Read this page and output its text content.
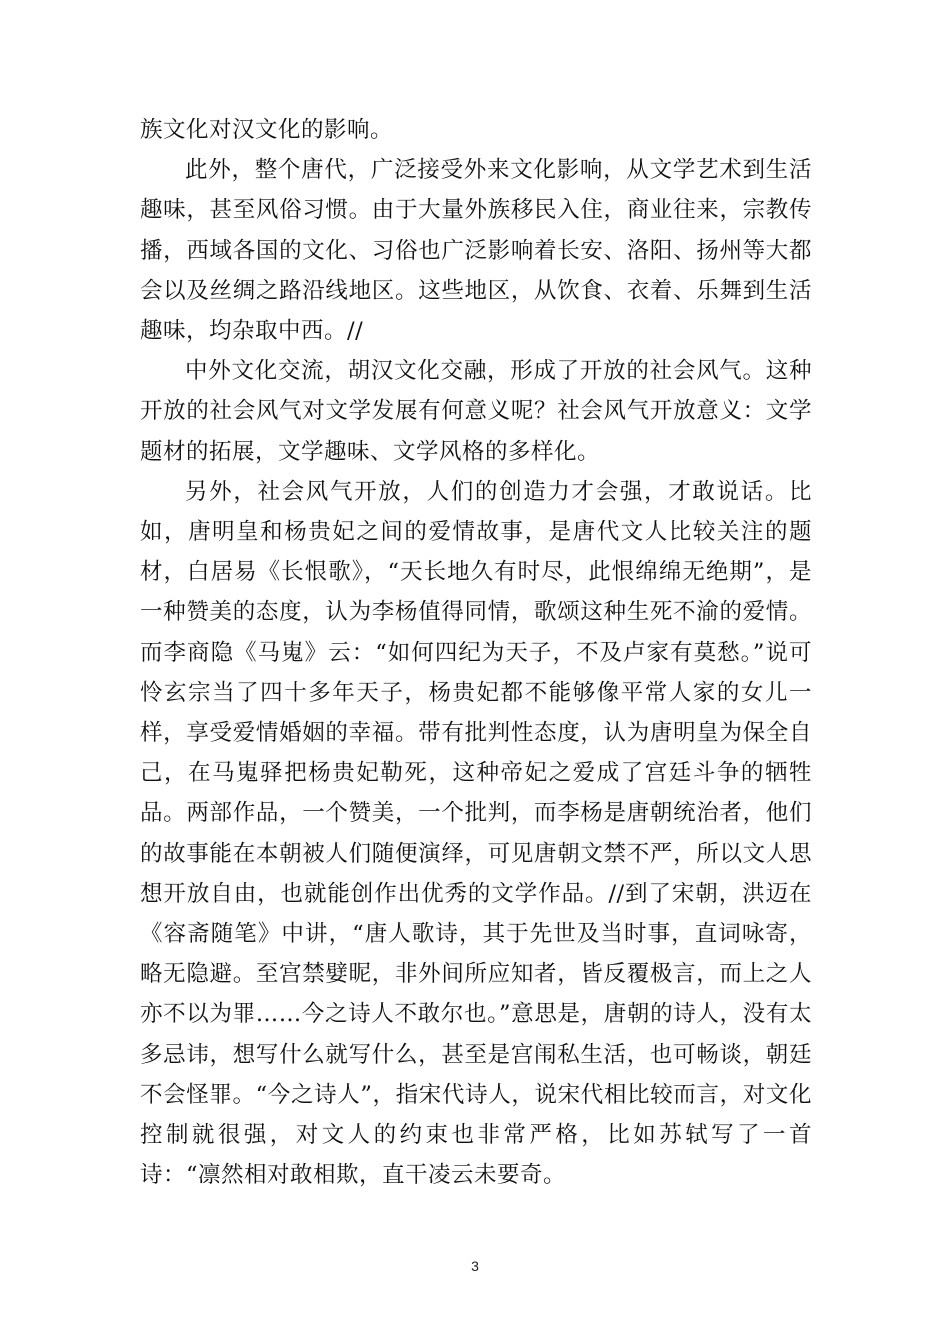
族文化对汉文化的影响。

此外，整个唐代，广泛接受外来文化影响，从文学艺术到生活趣味，甚至风俗习惯。由于大量外族移民入住，商业往来，宗教传播，西域各国的文化、习俗也广泛影响着长安、洛阳、扬州等大都会以及丝绸之路沿线地区。这些地区，从饮食、衣着、乐舞到生活趣味，均杂取中西。//

中外文化交流，胡汉文化交融，形成了开放的社会风气。这种开放的社会风气对文学发展有何意义呢？社会风气开放意义：文学题材的拓展，文学趣味、文学风格的多样化。

另外，社会风气开放，人们的创造力才会强，才敢说话。比如，唐明皇和杨贵妃之间的爱情故事，是唐代文人比较关注的题材，白居易《长恨歌》，“天长地久有时尽，此恨绵绵无绝期”，是一种赞美的态度，认为李杨值得同情，歌颂这种生死不渝的爱情。而李商隐《马嵬》云：“如何四纪为天子，不及卢家有莫愁。”说可怜玄宗当了四十多年天子，杨贵妃都不能够像平常人家的女儿一样，享受爱情婚姻的幸福。带有批判性态度，认为唐明皇为保全自己，在马嵬驿把杨贵妃勒死，这种帝妃之爱成了宫廷斗争的牺牲品。两部作品，一个赞美，一个批判，而李杨是唐朝统治者，他们的故事能在本朝被人们随便演绎，可见唐朝文禁不严，所以文人思想开放自由，也就能创作出优秀的文学作品。//到了宋朝，洪迈在《容斋随笔》中讲，“唐人歌诗，其于先世及当时事，直词咏寄，略无隐避。至宫禁嬖昵，非外间所应知者，皆反覆极言，而上之人亦不以为罪……今之诗人不敢尔也。”意思是，唐朝的诗人，没有太多忌讳，想写什么就写什么，甚至是宫闱私生活，也可畅谈，朝廷不会怪罪。“今之诗人”，指宋代诗人，说宋代相比较而言，对文化控制就很强，对文人的约束也非常严格，比如苏轼写了一首诗：“凛然相对敢相欺，直干凌云未要奇。

3
